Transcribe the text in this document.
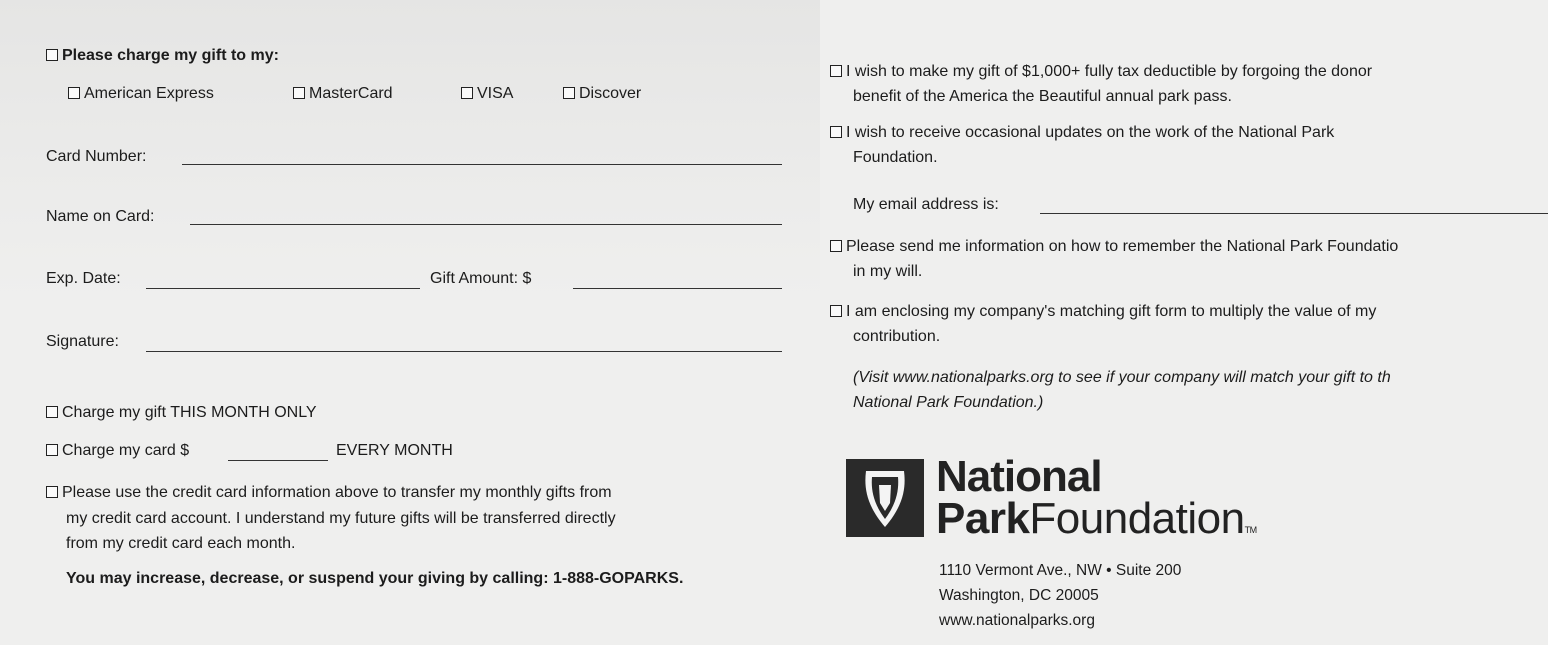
Please charge my gift to my:
American Express	MasterCard	VISA	Discover
Card Number:
Name on Card:
Exp. Date:	Gift Amount: $
Signature:
Charge my gift THIS MONTH ONLY
Charge my card $	EVERY MONTH
Please use the credit card information above to transfer my monthly gifts from
my credit card account. I understand my future gifts will be transferred directly
from my credit card each month.
You may increase, decrease, or suspend your giving by calling: 1-888-GOPARKS.
I wish to make my gift of $1,000+ fully tax deductible by forgoing the donor
benefit of the America the Beautiful annual park pass.
I wish to receive occasional updates on the work of the National Park
Foundation.
My email address is:
Please send me information on how to remember the National Park Foundatio
in my will.
I am enclosing my company's matching gift form to multiply the value of my
contribution.
(Visit www.nationalparks.org to see if your company will match your gift to th
National Park Foundation.)
National
ParkFoundationTM
1110 Vermont Ave., NW • Suite 200
Washington, DC 20005
www.nationalparks.org
